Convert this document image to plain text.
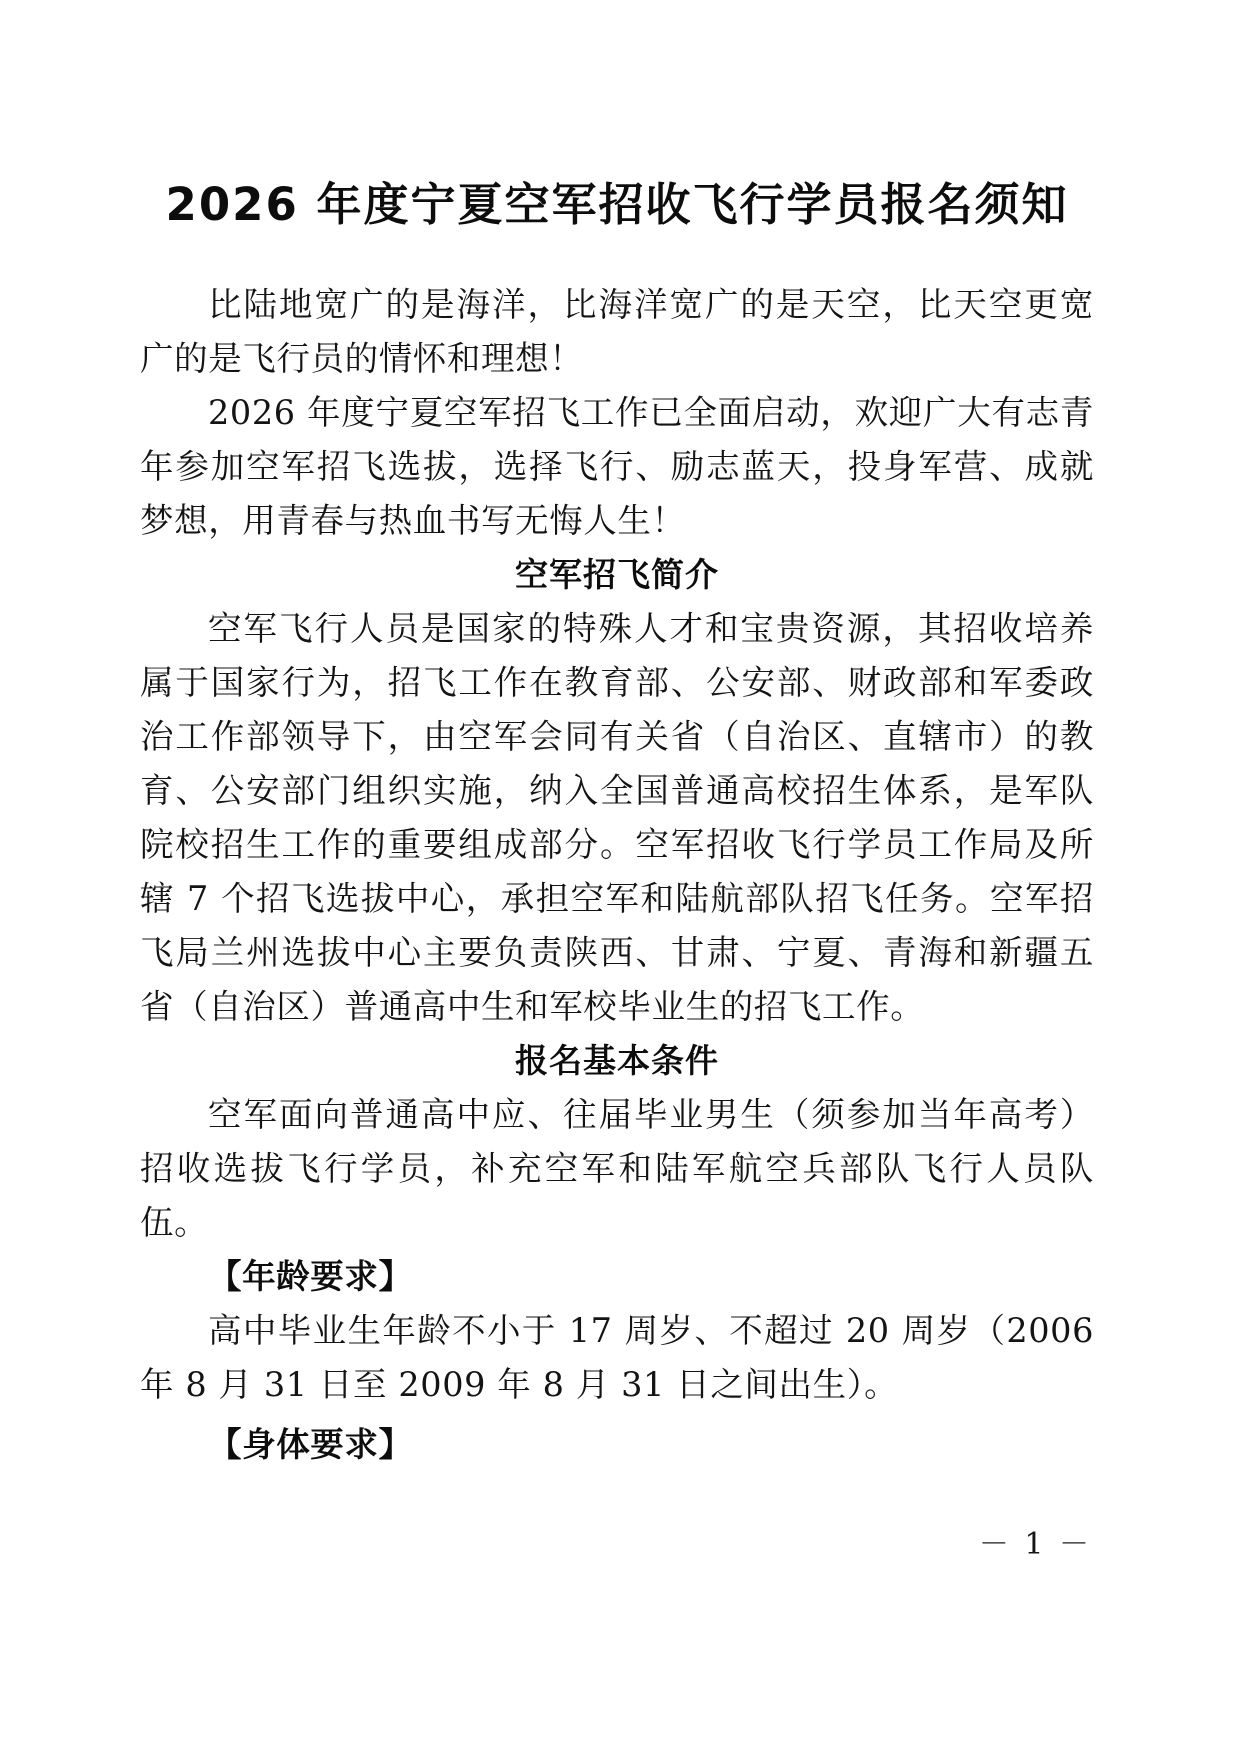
2026 年度宁夏空军招收飞行学员报名须知

比陆地宽广的是海洋，比海洋宽广的是天空，比天空更宽广的是飞行员的情怀和理想！

2026 年度宁夏空军招飞工作已全面启动，欢迎广大有志青年参加空军招飞选拔，选择飞行、励志蓝天，投身军营、成就梦想，用青春与热血书写无悔人生！

空军招飞简介

空军飞行人员是国家的特殊人才和宝贵资源，其招收培养属于国家行为，招飞工作在教育部、公安部、财政部和军委政治工作部领导下，由空军会同有关省（自治区、直辖市）的教育、公安部门组织实施，纳入全国普通高校招生体系，是军队院校招生工作的重要组成部分。空军招收飞行学员工作局及所辖 7 个招飞选拔中心，承担空军和陆航部队招飞任务。空军招飞局兰州选拔中心主要负责陕西、甘肃、宁夏、青海和新疆五省（自治区）普通高中生和军校毕业生的招飞工作。

报名基本条件

空军面向普通高中应、往届毕业男生（须参加当年高考）招收选拔飞行学员，补充空军和陆军航空兵部队飞行人员队伍。

【年龄要求】

高中毕业生年龄不小于 17 周岁、不超过 20 周岁（2006 年 8 月 31 日至 2009 年 8 月 31 日之间出生）。

【身体要求】
－ 1 －
